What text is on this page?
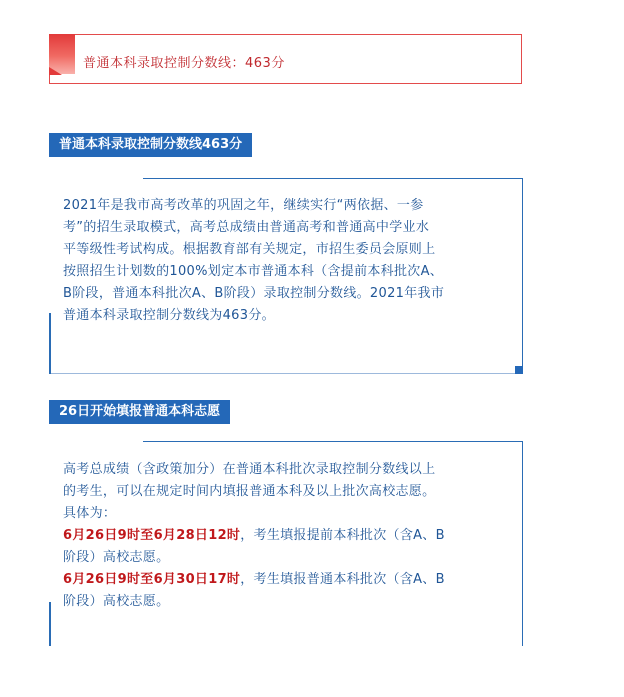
普通本科录取控制分数线：463分
普通本科录取控制分数线463分

2021年是我市高考改革的巩固之年，继续实行“两依据、一参

考”的招生录取模式，高考总成绩由普通高考和普通高中学业水

平等级性考试构成。根据教育部有关规定，市招生委员会原则上

按照招生计划数的100%划定本市普通本科（含提前本科批次A、

B阶段，普通本科批次A、B阶段）录取控制分数线。2021年我市

普通本科录取控制分数线为463分。

26日开始填报普通本科志愿

高考总成绩（含政策加分）在普通本科批次录取控制分数线以上

的考生，可以在规定时间内填报普通本科及以上批次高校志愿。

具体为：

6月26日9时至6月28日12时，考生填报提前本科批次（含A、B

阶段）高校志愿。

6月26日9时至6月30日17时，考生填报普通本科批次（含A、B

阶段）高校志愿。
